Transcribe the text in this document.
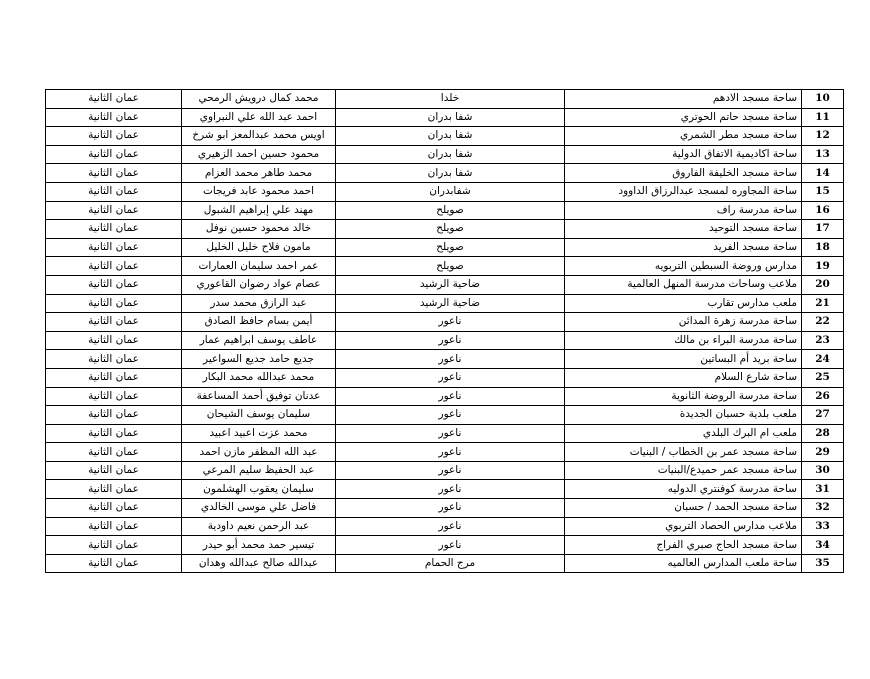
عمان الثانية	محمد كمال درويش الرمحي	خلدا	ساحة مسجد الادهم	10
عمان الثانية	احمد عبد الله علي النبراوي	شفا بدران	ساحة مسجد حاتم الحوتري	11
عمان الثانية	اويس محمد عبدالمعز ابو شرخ	شفا بدران	ساحة مسجد مطر الشمري	12
عمان الثانية	محمود حسين احمد الزهيري	شفا بدران	ساحة اكاديمية الاتفاق الدولية	13
عمان الثانية	محمد طاهر محمد العزام	شفا بدران	ساحة مسجد الخليفة الفاروق	14
عمان الثانية	احمد محمود عابد فريجات	شفابدران	ساحة المجاوره لمسجد عبدالرزاق الداوود	15
عمان الثانية	مهند علي إبراهيم الشبول	صويلح	ساحة مدرسة راف	16
عمان الثانية	خالد محمود حسين نوفل	صويلح	ساحة مسجد التوحيد	17
عمان الثانية	مامون فلاح خليل الخليل	صويلح	ساحة مسجد الفريد	18
عمان الثانية	عمر احمد سليمان العمارات	صويلح	مدارس وروضة السبطين التربويه	19
عمان الثانية	عصام عواد رضوان القاعوري	ضاحية الرشيد	ملاعب وساحات مدرسة المنهل العالمية	20
عمان الثانية	عبد الرازق محمد سدر	ضاحية الرشيد	ملعب مدارس تقارب	21
عمان الثانية	أيمن بسام حافظ الصادق	ناعور	ساحة مدرسة زهرة المدائن	22
عمان الثانية	عاطف يوسف ابراهيم عمار	ناعور	ساحة مدرسة البراء بن مالك	23
عمان الثانية	جديع حامد جديع السواعير	ناعور	ساحة بريد أم البساتين	24
عمان الثانية	محمد عبدالله محمد البكار	ناعور	ساحة شارع السلام	25
عمان الثانية	عدنان توفيق أحمد المساعفة	ناعور	ساحة مدرسة الروضة الثانوية	26
عمان الثانية	سليمان يوسف الشيحان	ناعور	ملعب بلدية حسبان الجديدة	27
عمان الثانية	محمد عزت اعبيد اعبيد	ناعور	ملعب ام البرك البلدي	28
عمان الثانية	عبد الله المظفر مازن احمد	ناعور	ساحة مسجد عمر بن الخطاب / البنيات	29
عمان الثانية	عبد الحفيظ سليم المرعي	ناعور	ساحة مسجد عمر حميدع/البنيات	30
عمان الثانية	سليمان يعقوب الهشلمون	ناعور	ساحة مدرسة كوفنتري الدوليه	31
عمان الثانية	فاضل علي موسى الخالدي	ناعور	ساحة مسجد الحمد / حسبان	32
عمان الثانية	عبد الرحمن نعيم داودية	ناعور	ملاعب مدارس الحصاد التربوي	33
عمان الثانية	تيسير حمد محمد أبو حيدر	ناعور	ساحة مسجد الحاج صبري الفراج	34
عمان الثانية	عبدالله صالح عبدالله وهدان	مرج الحمام	ساحة ملعب المدارس العالميه	35
